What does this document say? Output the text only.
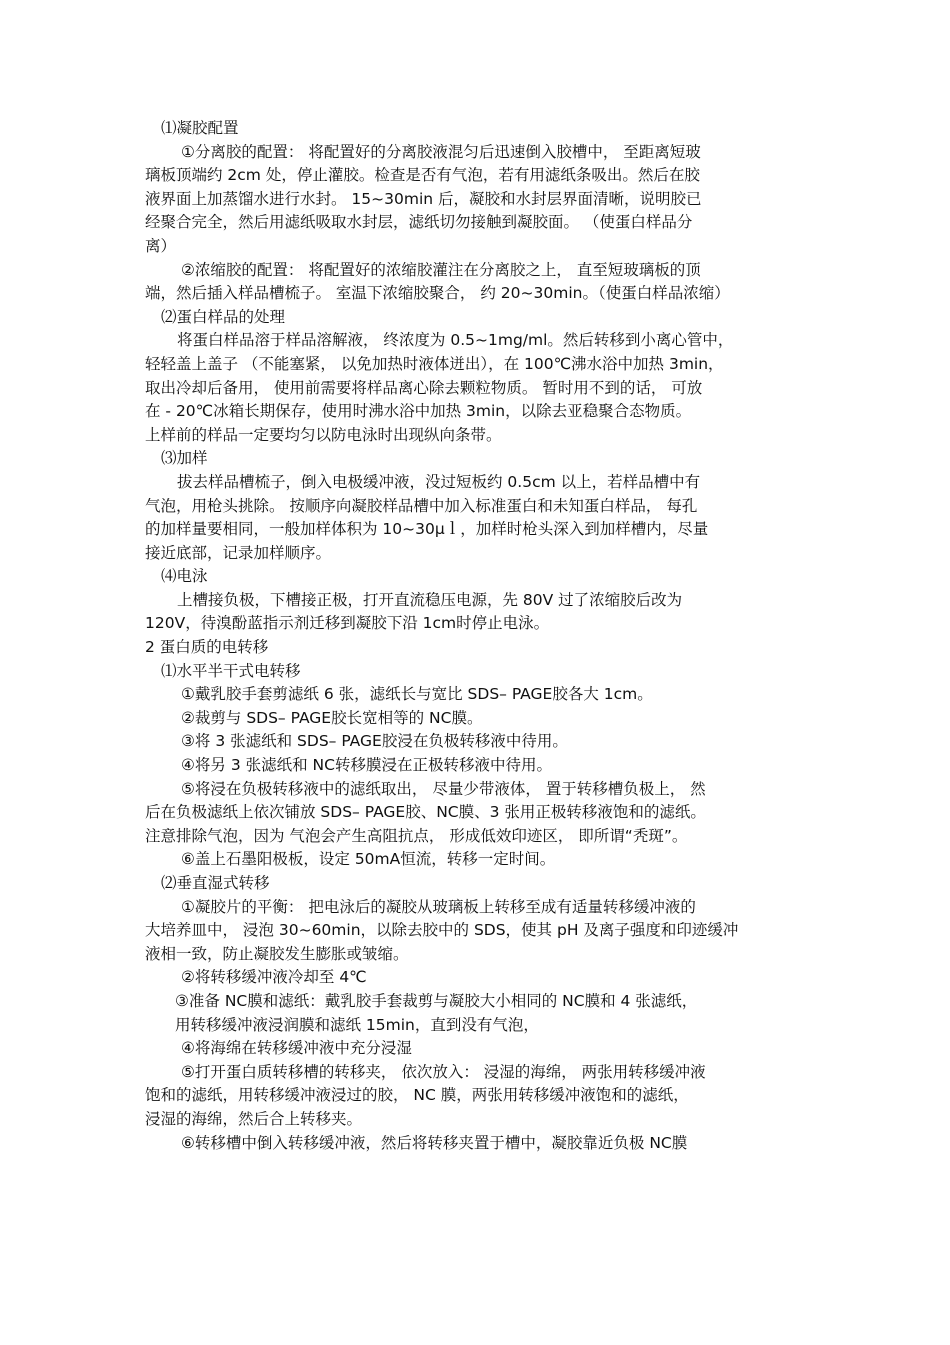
⑴凝胶配置
①分离胶的配置： 将配置好的分离胶液混匀后迅速倒入胶槽中， 至距离短玻
璃板顶端约 2cm 处，停止灌胶。检查是否有气泡，若有用滤纸条吸出。然后在胶
液界面上加蒸馏水进行水封。 15~30min 后，凝胶和水封层界面清晰，说明胶已
经聚合完全，然后用滤纸吸取水封层，滤纸切勿接触到凝胶面。 （使蛋白样品分
离）
②浓缩胶的配置： 将配置好的浓缩胶灌注在分离胶之上， 直至短玻璃板的顶
端，然后插入样品槽梳子。 室温下浓缩胶聚合， 约 20~30min。（使蛋白样品浓缩）
⑵蛋白样品的处理
将蛋白样品溶于样品溶解液， 终浓度为 0.5~1mg/ml。然后转移到小离心管中，
轻轻盖上盖子 （不能塞紧， 以免加热时液体迸出），在 100℃沸水浴中加热 3min，
取出冷却后备用， 使用前需要将样品离心除去颗粒物质。 暂时用不到的话， 可放
在 - 20℃冰箱长期保存，使用时沸水浴中加热 3min，以除去亚稳聚合态物质。
上样前的样品一定要均匀以防电泳时出现纵向条带。
⑶加样
拔去样品槽梳子，倒入电极缓冲液，没过短板约 0.5cm 以上，若样品槽中有
气泡，用枪头挑除。 按顺序向凝胶样品槽中加入标准蛋白和未知蛋白样品， 每孔
的加样量要相同，一般加样体积为 10~30μｌ，加样时枪头深入到加样槽内，尽量
接近底部，记录加样顺序。
⑷电泳
上槽接负极，下槽接正极，打开直流稳压电源，先 80V 过了浓缩胶后改为
120V，待溴酚蓝指示剂迁移到凝胶下沿 1cm时停止电泳。
2 蛋白质的电转移
⑴水平半干式电转移
①戴乳胶手套剪滤纸 6 张，滤纸长与宽比 SDS– PAGE胶各大 1cm。
②裁剪与 SDS– PAGE胶长宽相等的 NC膜。
③将 3 张滤纸和 SDS– PAGE胶浸在负极转移液中待用。
④将另 3 张滤纸和 NC转移膜浸在正极转移液中待用。
⑤将浸在负极转移液中的滤纸取出， 尽量少带液体， 置于转移槽负极上， 然
后在负极滤纸上依次铺放 SDS– PAGE胶、NC膜、3 张用正极转移液饱和的滤纸。
注意排除气泡，因为 气泡会产生高阻抗点， 形成低效印迹区， 即所谓“秃斑”。
⑥盖上石墨阳极板，设定 50mA恒流，转移一定时间。
⑵垂直湿式转移
①凝胶片的平衡： 把电泳后的凝胶从玻璃板上转移至成有适量转移缓冲液的
大培养皿中， 浸泡 30~60min，以除去胶中的 SDS，使其 pH 及离子强度和印迹缓冲
液相一致，防止凝胶发生膨胀或皱缩。
②将转移缓冲液冷却至 4℃
③准备 NC膜和滤纸：戴乳胶手套裁剪与凝胶大小相同的 NC膜和 4 张滤纸，
用转移缓冲液浸润膜和滤纸 15min，直到没有气泡，
④将海绵在转移缓冲液中充分浸湿
⑤打开蛋白质转移槽的转移夹， 依次放入： 浸湿的海绵， 两张用转移缓冲液
饱和的滤纸，用转移缓冲液浸过的胶， NC 膜，两张用转移缓冲液饱和的滤纸，
浸湿的海绵，然后合上转移夹。
⑥转移槽中倒入转移缓冲液，然后将转移夹置于槽中，凝胶靠近负极 NC膜
